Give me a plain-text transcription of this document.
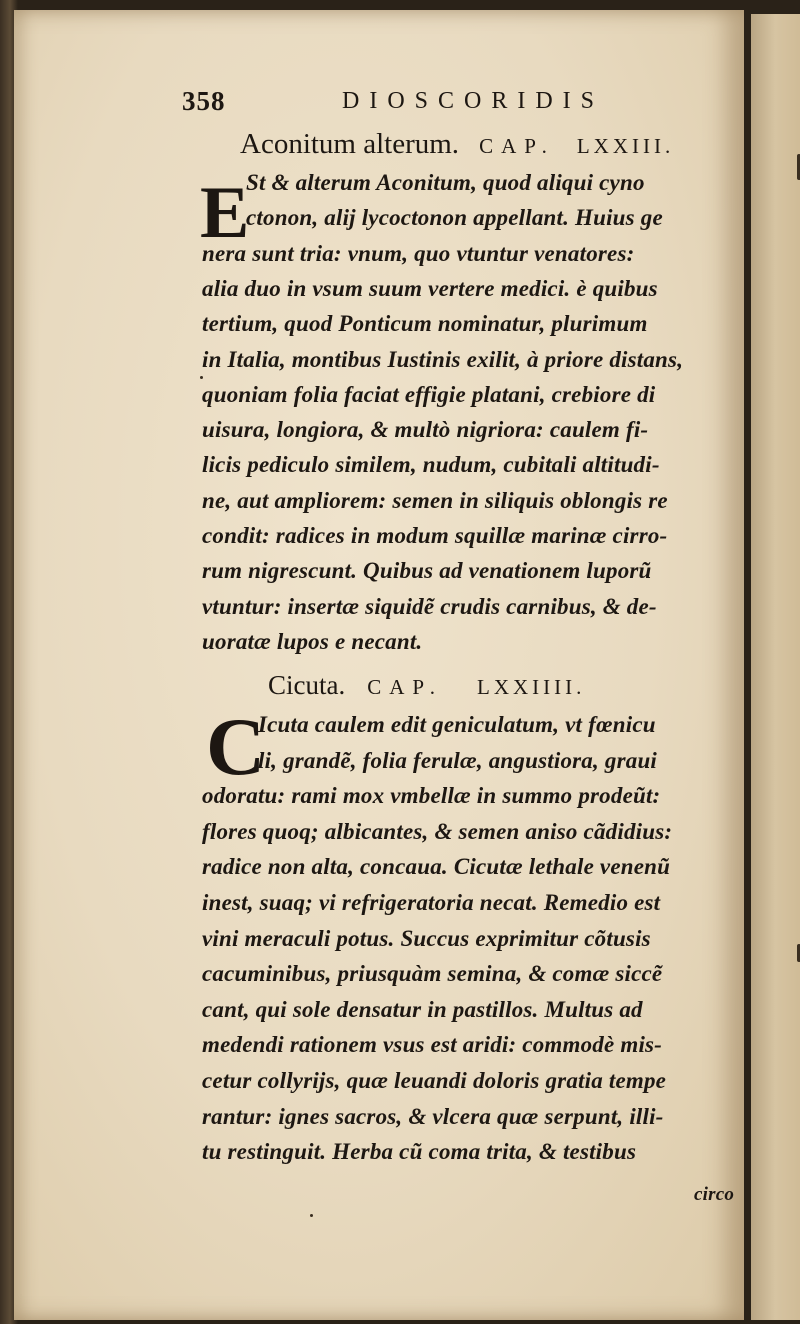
358	DIOSCORIDIS
Aconitum alterum. CAP. LXXIII.
E
St & alterum Aconitum, quod aliqui cyno
ctonon, alij lycoctonon appellant. Huius ge
nera sunt tria: vnum, quo vtuntur venatores:
alia duo in vsum suum vertere medici. è quibus
tertium, quod Ponticum nominatur, plurimum
in Italia, montibus Iustinis exilit, à priore distans,
quoniam folia faciat effigie platani, crebiore di
uisura, longiora, & multò nigriora: caulem fi-
licis pediculo similem, nudum, cubitali altitudi-
ne, aut ampliorem: semen in siliquis oblongis re
condit: radices in modum squillæ marinæ cirro-
rum nigrescunt. Quibus ad venationem luporũ
vtuntur: insertæ siquidẽ crudis carnibus, & de-
uoratæ lupos e necant.
Cicuta. CAP. LXXIIII.
C
Icuta caulem edit geniculatum, vt fœnicu
li, grandẽ, folia ferulæ, angustiora, graui
odoratu: rami mox vmbellæ in summo prodeũt:
flores quoq; albicantes, & semen aniso cãdidius:
radice non alta, concaua. Cicutæ lethale venenũ
inest, suaq; vi refrigeratoria necat. Remedio est
vini meraculi potus. Succus exprimitur cõtusis
cacuminibus, priusquàm semina, & comæ siccẽ
cant, qui sole densatur in pastillos. Multus ad
medendi rationem vsus est aridi: commodè mis-
cetur collyrijs, quæ leuandi doloris gratia tempe
rantur: ignes sacros, & vlcera quæ serpunt, illi-
tu restinguit. Herba cũ coma trita, & testibus
circo
